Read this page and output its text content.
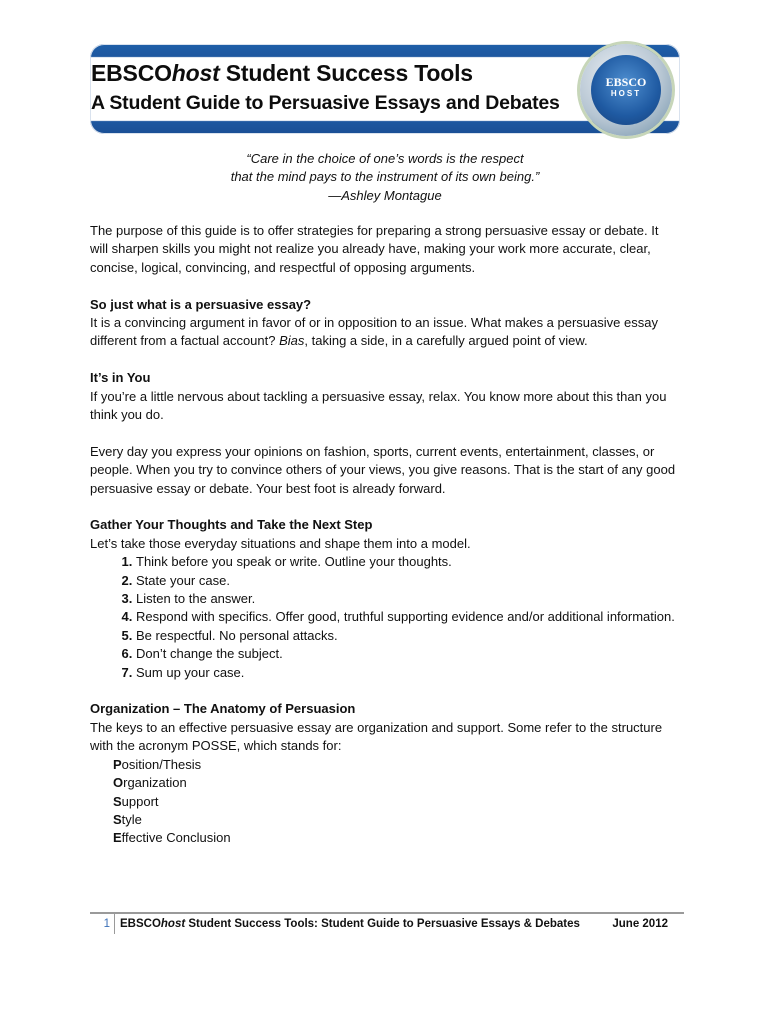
EBSCOhost Student Success Tools
A Student Guide to Persuasive Essays and Debates
EBSCO
HOST
“Care in the choice of one’s words is the respect
that the mind pays to the instrument of its own being.”
—Ashley Montague

The purpose of this guide is to offer strategies for preparing a strong persuasive essay or debate. It will sharpen skills you might not realize you already have, making your work more accurate, clear, concise, logical, convincing, and respectful of opposing arguments.

So just what is a persuasive essay?

It is a convincing argument in favor of or in opposition to an issue. What makes a persuasive essay different from a factual account? Bias, taking a side, in a carefully argued point of view.

It’s in You

If you’re a little nervous about tackling a persuasive essay, relax. You know more about this than you think you do.

Every day you express your opinions on fashion, sports, current events, entertainment, classes, or people. When you try to convince others of your views, you give reasons. That is the start of any good persuasive essay or debate. Your best foot is already forward.

Gather Your Thoughts and Take the Next Step
Let’s take those everyday situations and shape them into a model.
1. Think before you speak or write. Outline your thoughts.
2. State your case.
3. Listen to the answer.
4. Respond with specifics. Offer good, truthful supporting evidence and/or additional information.
5. Be respectful. No personal attacks.
6. Don’t change the subject.
7. Sum up your case.
Organization – The Anatomy of Persuasion
The keys to an effective persuasive essay are organization and support. Some refer to the structure with the acronym POSSE, which stands for:
Position/Thesis
Organization
Support
Style
Effective Conclusion
1 EBSCOhost Student Success Tools: Student Guide to Persuasive Essays & Debates	June 2012
